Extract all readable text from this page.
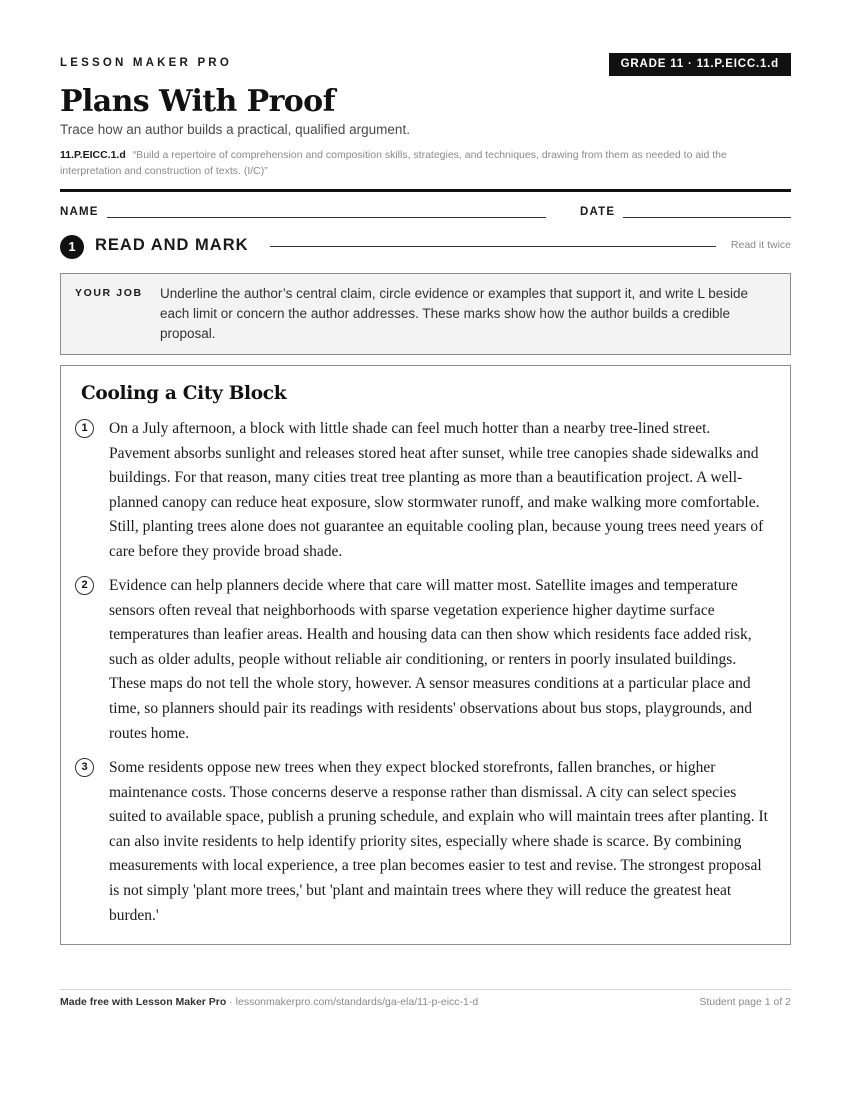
LESSON MAKER PRO	GRADE 11 · 11.P.EICC.1.d
Plans With Proof
Trace how an author builds a practical, qualified argument.
11.P.EICC.1.d “Build a repertoire of comprehension and composition skills, strategies, and techniques, drawing from them as needed to aid the interpretation and construction of texts. (I/C)”
NAME	DATE
1	READ AND MARK	Read it twice
YOUR JOB Underline the author’s central claim, circle evidence or examples that support it, and write L beside each limit or concern the author addresses. These marks show how the author builds a credible proposal.
Cooling a City Block
1	On a July afternoon, a block with little shade can feel much hotter than a nearby tree-lined street. Pavement absorbs sunlight and releases stored heat after sunset, while tree canopies shade sidewalks and buildings. For that reason, many cities treat tree planting as more than a beautification project. A well-planned canopy can reduce heat exposure, slow stormwater runoff, and make walking more comfortable. Still, planting trees alone does not guarantee an equitable cooling plan, because young trees need years of care before they provide broad shade.

2	Evidence can help planners decide where that care will matter most. Satellite images and temperature sensors often reveal that neighborhoods with sparse vegetation experience higher daytime surface temperatures than leafier areas. Health and housing data can then show which residents face added risk, such as older adults, people without reliable air conditioning, or renters in poorly insulated buildings. These maps do not tell the whole story, however. A sensor measures conditions at a particular place and time, so planners should pair its readings with residents' observations about bus stops, playgrounds, and routes home.

3	Some residents oppose new trees when they expect blocked storefronts, fallen branches, or higher maintenance costs. Those concerns deserve a response rather than dismissal. A city can select species suited to available space, publish a pruning schedule, and explain who will maintain trees after planting. It can also invite residents to help identify priority sites, especially where shade is scarce. By combining measurements with local experience, a tree plan becomes easier to test and revise. The strongest proposal is not simply 'plant more trees,' but 'plant and maintain trees where they will reduce the greatest heat burden.'

Made free with Lesson Maker Pro · lessonmakerpro.com/standards/ga-ela/11-p-eicc-1-d	Student page 1 of 2
